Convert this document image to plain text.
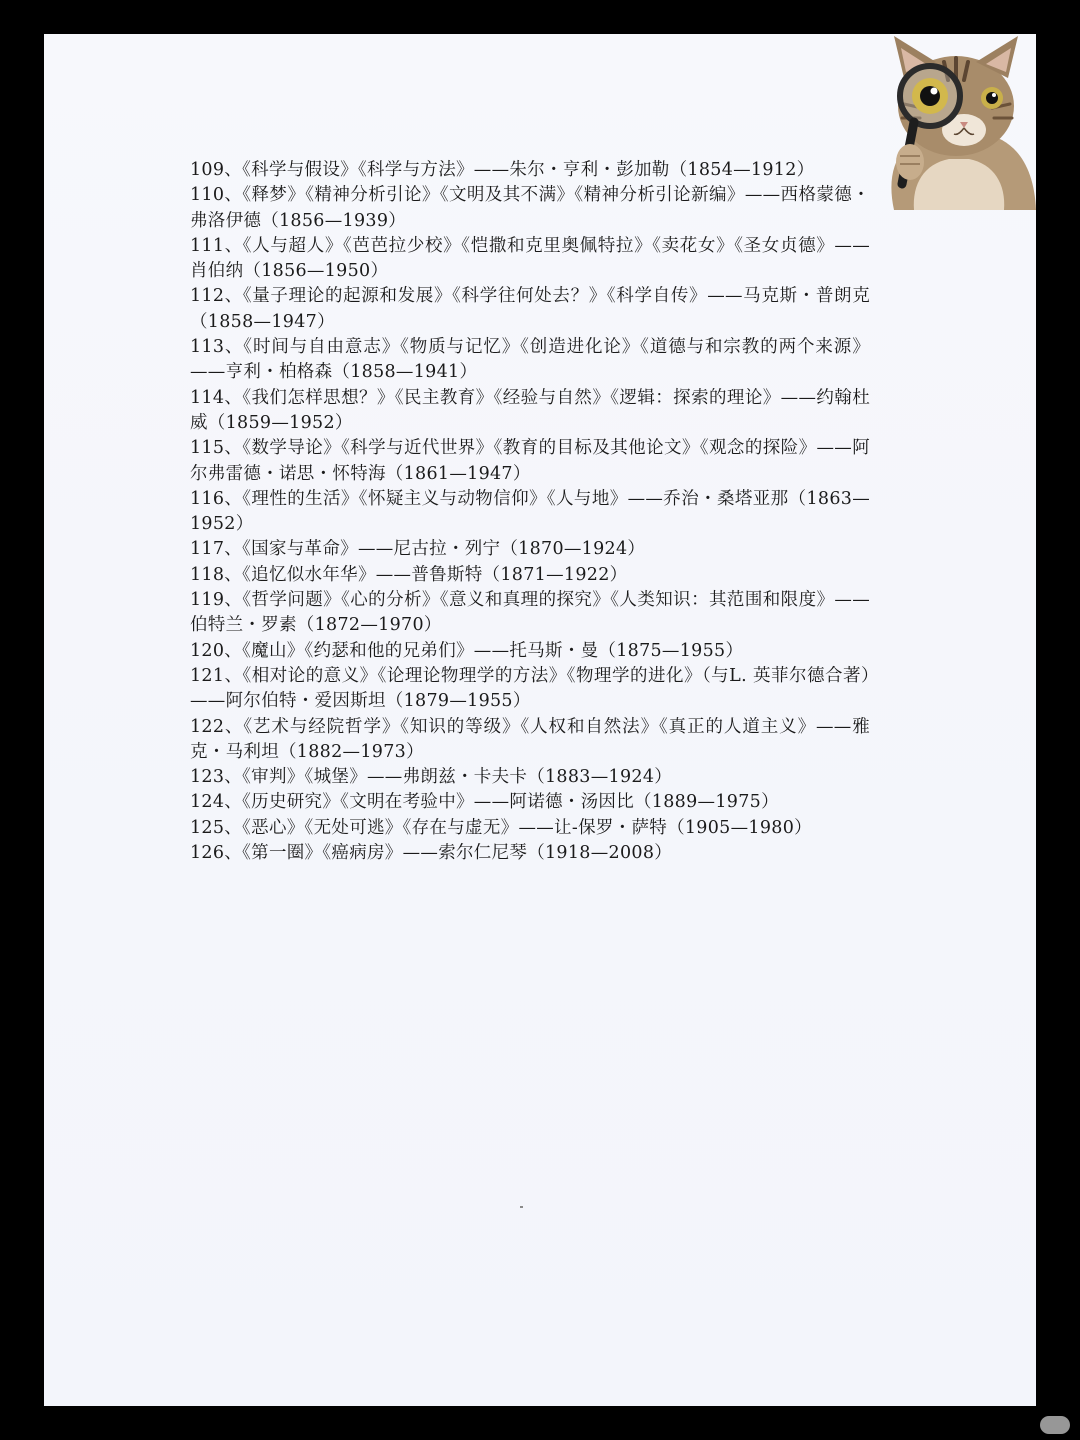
109、《科学与假设》《科学与方法》——朱尔・亨利・彭加勒（1854—1912）

110、《释梦》《精神分析引论》《文明及其不满》《精神分析引论新编》——西格蒙德・弗洛伊德（1856—1939）

111、《人与超人》《芭芭拉少校》《恺撒和克里奥佩特拉》《卖花女》《圣女贞德》——肖伯纳（1856—1950）

112、《量子理论的起源和发展》《科学往何处去？》《科学自传》——马克斯・普朗克（1858—1947）

113、《时间与自由意志》《物质与记忆》《创造进化论》《道德与和宗教的两个来源》——亨利・柏格森（1858—1941）

114、《我们怎样思想？》《民主教育》《经验与自然》《逻辑：探索的理论》——约翰杜威（1859—1952）

115、《数学导论》《科学与近代世界》《教育的目标及其他论文》《观念的探险》——阿尔弗雷德・诺思・怀特海（1861—1947）

116、《理性的生活》《怀疑主义与动物信仰》《人与地》——乔治・桑塔亚那（1863—1952）

117、《国家与革命》——尼古拉・列宁（1870—1924）

118、《追忆似水年华》——普鲁斯特（1871—1922）

119、《哲学问题》《心的分析》《意义和真理的探究》《人类知识：其范围和限度》——伯特兰・罗素（1872—1970）

120、《魔山》《约瑟和他的兄弟们》——托马斯・曼（1875—1955）

121、《相对论的意义》《论理论物理学的方法》《物理学的进化》（与L. 英菲尔德合著）——阿尔伯特・爱因斯坦（1879—1955）

122、《艺术与经院哲学》《知识的等级》《人权和自然法》《真正的人道主义》——雅克・马利坦（1882—1973）

123、《审判》《城堡》——弗朗兹・卡夫卡（1883—1924）

124、《历史研究》《文明在考验中》——阿诺德・汤因比（1889—1975）

125、《恶心》《无处可逃》《存在与虚无》——让-保罗・萨特（1905—1980）

126、《第一圈》《癌病房》——索尔仁尼琴（1918—2008）
